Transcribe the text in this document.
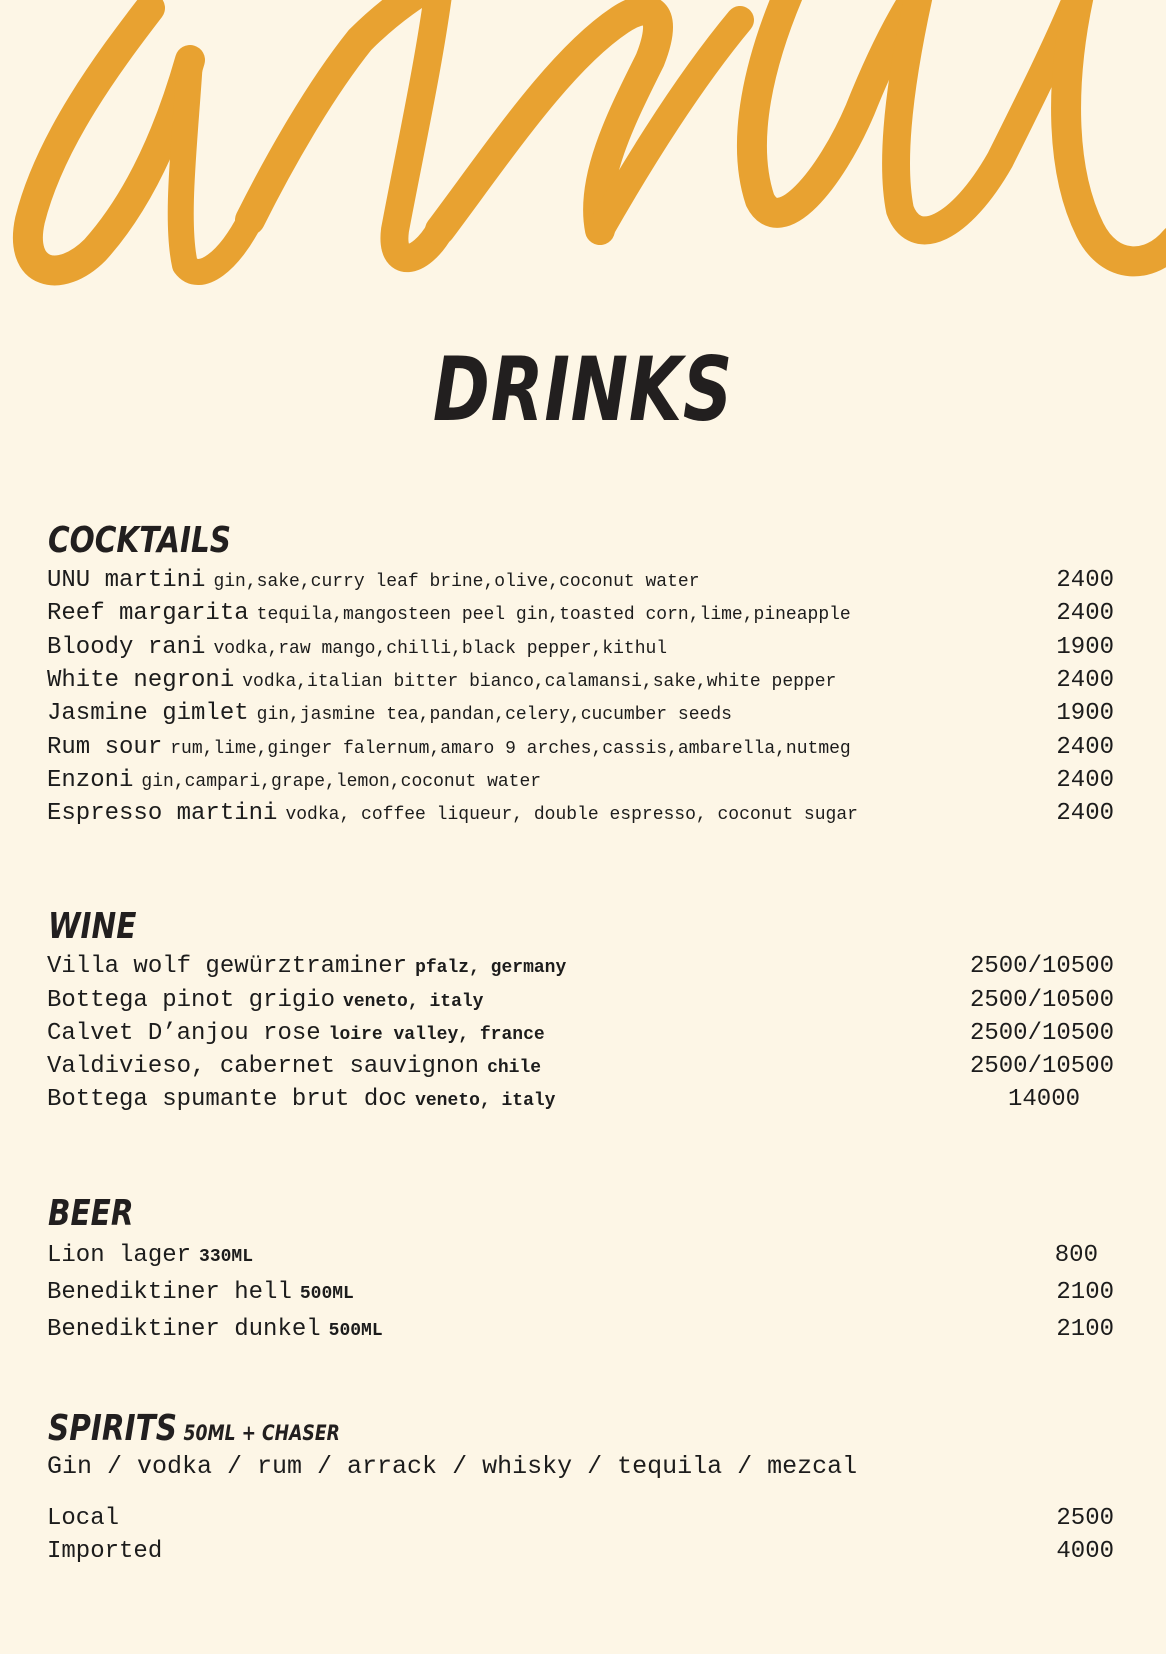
DRINKS
COCKTAILS
UNU martini gin,sake,curry leaf brine,olive,coconut water	2400
Reef margarita tequila,mangosteen peel gin,toasted corn,lime,pineapple	2400
Bloody rani vodka,raw mango,chilli,black pepper,kithul	1900
White negroni vodka,italian bitter bianco,calamansi,sake,white pepper	2400
Jasmine gimlet gin,jasmine tea,pandan,celery,cucumber seeds	1900
Rum sour rum,lime,ginger falernum,amaro 9 arches,cassis,ambarella,nutmeg	2400
Enzoni gin,campari,grape,lemon,coconut water	2400
Espresso martini vodka, coffee liqueur, double espresso, coconut sugar	2400
WINE
Villa wolf gewürztraminer pfalz, germany	2500/10500
Bottega pinot grigio veneto, italy	2500/10500
Calvet D’anjou rose loire valley, france	2500/10500
Valdivieso, cabernet sauvignon chile	2500/10500
Bottega spumante brut doc veneto, italy	14000
BEER
Lion lager 330ML	800
Benediktiner hell 500ML	2100
Benediktiner dunkel 500ML	2100
SPIRITS 50ML + CHASER
Gin / vodka / rum / arrack / whisky / tequila / mezcal
Local	2500
Imported	4000
